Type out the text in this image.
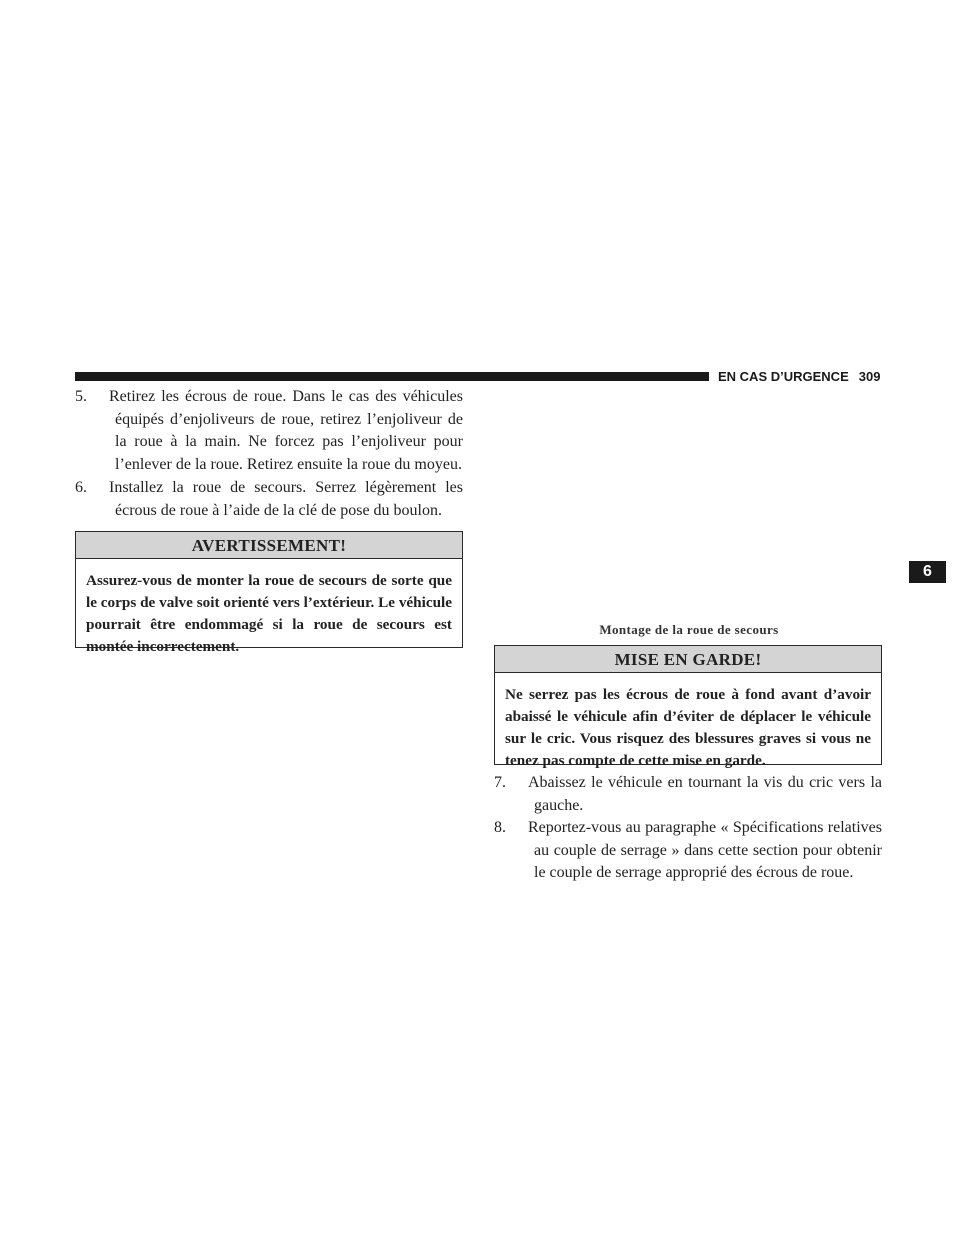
EN CAS D’URGENCE 309
6
5.	Retirez les écrous de roue. Dans le cas des véhicules équipés d’enjoliveurs de roue, retirez l’enjoliveur de la roue à la main. Ne forcez pas l’enjoliveur pour l’enlever de la roue. Retirez ensuite la roue du moyeu.
6.	Installez la roue de secours. Serrez légèrement les écrous de roue à l’aide de la clé de pose du boulon.
AVERTISSEMENT!
Assurez-vous de monter la roue de secours de sorte que le corps de valve soit orienté vers l’extérieur. Le véhicule pourrait être endommagé si la roue de secours est montée incorrectement.
Montage de la roue de secours
MISE EN GARDE!
Ne serrez pas les écrous de roue à fond avant d’avoir abaissé le véhicule afin d’éviter de déplacer le véhicule sur le cric. Vous risquez des blessures graves si vous ne tenez pas compte de cette mise en garde.
7.	Abaissez le véhicule en tournant la vis du cric vers la gauche.
8.	Reportez-vous au paragraphe « Spécifications relatives au couple de serrage » dans cette section pour obtenir le couple de serrage approprié des écrous de roue.
